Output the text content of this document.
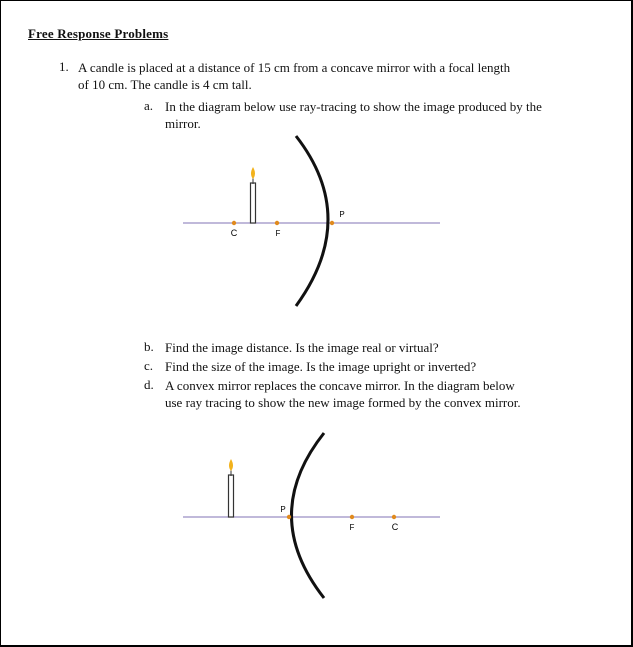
Free Response Problems
1. A candle is placed at a distance of 15 cm from a concave mirror with a focal length
of 10 cm. The candle is 4 cm tall.
a. In the diagram below use ray-tracing to show the image produced by the
mirror.
C	F
P
b. Find the image distance. Is the image real or virtual?
c. Find the size of the image. Is the image upright or inverted?
d. A convex mirror replaces the concave mirror. In the diagram below
use ray tracing to show the new image formed by the convex mirror.
P
F	C
